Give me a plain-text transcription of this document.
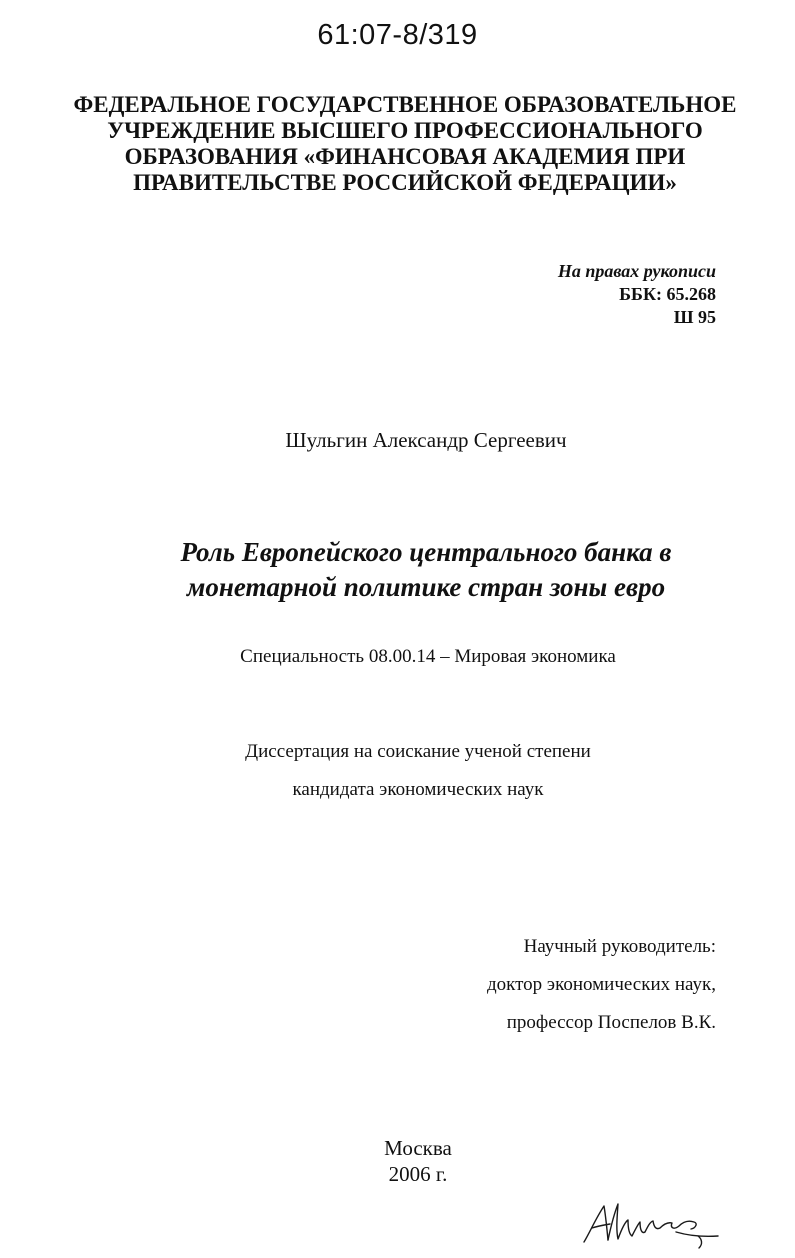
61:07-8/319
ФЕДЕРАЛЬНОЕ ГОСУДАРСТВЕННОЕ ОБРАЗОВАТЕЛЬНОЕ
УЧРЕЖДЕНИЕ ВЫСШЕГО ПРОФЕССИОНАЛЬНОГО
ОБРАЗОВАНИЯ «ФИНАНСОВАЯ АКАДЕМИЯ ПРИ
ПРАВИТЕЛЬСТВЕ РОССИЙСКОЙ ФЕДЕРАЦИИ»
На правах рукописи
ББК: 65.268
Ш 95
Шульгин Александр Сергеевич
Роль Европейского центрального банка в
монетарной политике стран зоны евро
Специальность 08.00.14 – Мировая экономика
Диссертация на соискание ученой степени
кандидата экономических наук
Научный руководитель:
доктор экономических наук,
профессор Поспелов В.К.
Москва
2006 г.
